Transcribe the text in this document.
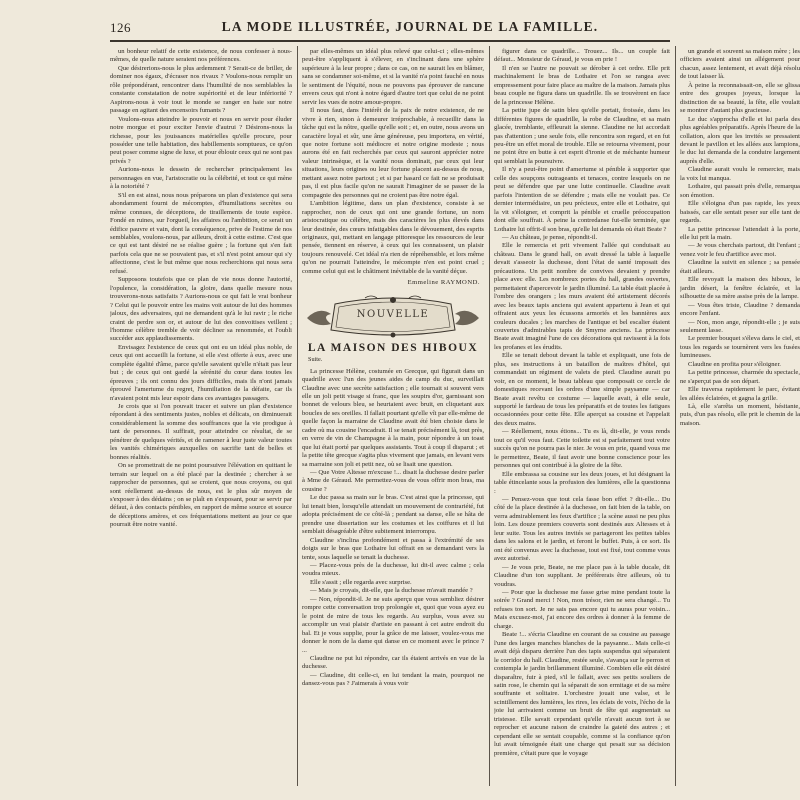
126	LA MODE ILLUSTRÉE, JOURNAL DE LA FAMILLE.

un bonheur relatif de cette existence, de nous confesser à nous-mêmes, de quelle nature seraient nos préférences.

Que désirerions-nous le plus ardemment ? Serait-ce de briller, de dominer nos égaux, d'écraser nos rivaux ? Voulons-nous remplir un rôle prépondérant, rencontrer dans l'humilité de nos semblables la constante constatation de notre supériorité et de leur infériorité ? Aspirons-nous à voir tout le monde se ranger en haie sur notre passage en agitant des encensoirs fumants ?

Voulons-nous atteindre le pouvoir et nous en servir pour éluder notre morgue et pour exciter l'envie d'autrui ? Désirons-nous la richesse, pour les jouissances matérielles qu'elle procure, pour posséder une telle habitation, des habillements somptueux, ce qu'on peut poser comme signe de luxe, et pour éblouir ceux qui ne sont pas privés ?

Aurions-nous le dessein de rechercher principalement les personnages en vue, l'aristocratie ou la célébrité, et tout ce qui mène à la notoriété ?

S'il en est ainsi, nous nous préparons un plan d'existence qui sera abondamment fourni de mécomptes, d'humiliations secrètes ou même connues, de déceptions, de tiraillements de toute espèce. Fondé en ruines, sur l'orgueil, les affaires ou l'ambition, ce serait un édifice pauvre et vain, dont la conséquence, prive de l'estime de nos semblables, voulons-nous, par ailleurs, droit à cette estime. C'est que ce qui est tant désiré ne se réalise guère ; la fortune qui s'en fait parfois cela que ne se pouvaient pas, et s'il n'est point amour qui s'y affectionne, c'est le but même que nous recherchions qui nous sera refusé.

Supposons toutefois que ce plan de vie nous donne l'autorité, l'opulence, la considération, la gloire, dans quelle mesure nous trouverons-nous satisfaits ? Aurions-nous ce qui fait le vrai bonheur ? Celui qui le pouvoir entre les mains voit autour de lui des hommes jaloux, des adversaires, qui ne demandent qu'à le lui ravir ; le riche craint de perdre son or, et autour de lui des convoitises veillent ; l'homme célèbre tremble de voir décliner sa renommée, et l'oubli succéder aux applaudissements.

Envisagez l'existence de ceux qui ont eu un idéal plus noble, de ceux qui ont accueilli la fortune, si elle s'est offerte à eux, avec une complète égalité d'âme, parce qu'elle savaient qu'elle n'était pas leur but ; de ceux qui ont gardé la sérénité du cœur dans toutes les épreuves ; ils ont connu des jours difficiles, mais ils n'ont jamais éprouvé l'amertume du regret, l'humiliation de la défaite, car ils n'avaient point mis leur espoir dans ces avantages passagers.

Je crois que si l'on pouvait tracer et suivre un plan d'existence répondant à des sentiments justes, nobles et délicats, on diminuerait considérablement la somme des souffrances que la vie prodigue à tant de personnes. Il suffirait, pour atteindre ce résultat, de se pénétrer de quelques vérités, et de ramener à leur juste valeur toutes les vanités chimériques auxquelles on sacrifie tant de belles et bonnes réalités.

On se promettrait de ne point poursuivre l'élévation en quittant le terrain sur lequel on a été placé par la destinée ; chercher à se rapprocher de personnes, qui se croient, que nous croyons, ou qui sont réellement au-dessus de nous, est le plus sûr moyen de s'exposer à des dédains ; on se plaît en s'exposant, pour se servir par défaut, à des contacts pénibles, en rapport de même source et source de déceptions amères, et ces fréquentations mettent au jour ce que pourrait être notre vanité.

par elles-mêmes un idéal plus relevé que celui-ci ; elles-mêmes peut-être s'appliquent à s'élever, en s'inclinant dans une sphère supérieure à la leur propre ; dans ce cas, on ne saurait les en blâmer, sans se condamner soi-même, et si la vanité n'a point fauché en nous le sentiment de l'équité, nous ne pouvons pas éprouver de rancune envers ceux qui n'ont à notre égard d'autre tort que celui de ne point servir les vues de notre amour-propre.

Il nous faut, dans l'intérêt de la paix de notre existence, de ne vivre à rien, sinon à demeurer irréprochable, à recueillir dans la tâche qui est la nôtre, quelle qu'elle soit ; et, en outre, nous avons un caractère loyal et sûr, une âme généreuse, peu importera, en vérité, que notre fortune soit médiocre et notre origine modeste ; nous aurons été en fait recherchés par ceux qui sauront apprécier notre valeur intrinsèque, et la vanité nous dominait, par ceux qui leur situations, leurs origines ou leur fortune placent au-dessus de nous, mettant assez notre partout ; et si par hasard ce fait ne se produisait pas, il est plus facile qu'on ne saurait l'imaginer de se passer de la compagnie des personnes qui ne croient pas être notre égal.

L'ambition légitime, dans un plan d'existence, consiste à se rapprocher, non de ceux qui ont une grande fortune, un nom aristocratique ou célèbre, mais des caractères les plus élevés dans leur destinée, des cœurs infatigables dans le dévouement, des esprits originaux, qui, mettant en langage pittoresque les ressources de leur pensée, tiennent en réserve, à ceux qui les connaissent, un plaisir toujours renouvelé. Cet idéal n'a rien de répréhensible, et lors même qu'on ne pourrait l'atteindre, le mécompte n'en est point cruel ; comme celui qui est le châtiment inévitable de la vanité déçue.

Emmeline RAYMOND.
NOUVELLE
LA MAISON DES HIBOUX
Suite.

La princesse Hélène, costumée en Grecque, qui figurait dans un quadrille avec l'un des jeunes aides de camp du duc, surveillait Claudine avec une secrète satisfaction ; elle tournait si souvent vers elle un joli petit visage si franc, que les soupirs d'or, garnissant son bonnet de velours bleu, se heurtaient avec bruit, en cliquetant aux boucles de ses oreilles. Il fallait pourtant qu'elle vît par elle-même de quelle façon la marraine de Claudine avait été bien choisie dans le cadre où ma cousine l'encadrait. Il se tenait précisément là, tout près, en verre de vin de Champagne à la main, pour répondre à un toast que lui était porté par quelques assistants. Tout à coup il disparut ; et la petite tête grecque s'agita plus vivement que jamais, en levant vers sa marraine son joli et petit nez, où se lisait une question.

— Que Votre Altesse m'excuse !... disait la duchesse desire parler à Mme de Géraud. Me permettez-vous de vous offrir mon bras, ma cousine ?

Le duc passa sa main sur le bras. C'est ainsi que la princesse, qui lui tenait bien, lorsqu'elle attendait un mouvement de contrariété, fut adopta précisément de ce côté-là ; pendant sa danse, elle se hâta de prendre une dissertation sur les costumes et les coiffures et il lui semblait désagréable d'être subitement interrompu.

Claudine s'inclina profondément et passa à l'extrémité de ses doigts sur le bras que Lothaire lui offrait en se demandant vers la tente, sous laquelle se tenait la duchesse.

— Placez-vous près de la duchesse, lui dit-il avec calme ; cela voudra mieux.

Elle s'assit ; elle regarda avec surprise.

— Mais je croyais, dit-elle, que la duchesse m'avait mandée ?

— Non, répondit-il. Je ne suis aperçu que vous sembliez désirer rompre cette conversation trop prolongée et, quoi que vous ayez eu le point de mire de tous les regards. Au surplus, vous avez su accomplir un vrai plaisir d'artiste en passant à cet autre endroit du bal. Et je vous supplie, pour la grâce de me laisser, voulez-vous me donner le nom de la dame qui danse en ce moment avec le prince ? ...

Claudine ne put lui répondre, car ils étaient arrivés en vue de la duchesse.

— Claudine, dit celle-ci, en lui tendant la main, pourquoi ne dansez-vous pas ? J'aimerais à vous voir

figurer dans ce quadrille... Trouez... Ils... un couple fait défaut... Monsieur de Géraud, je vous en prie !

Il n'en se l'autre ne pouvait se dérober à cet ordre. Elle prit machinalement le bras de Lothaire et l'on se rangea avec empressement pour faire place au maître de la maison. Jamais plus beau couple ne figura dans un quadrille. Ils se trouvèrent en face de la princesse Hélène.

La petite jupe de satin bleu qu'elle portait, froissée, dans les différentes figures de quadrille, la robe de Claudine, et sa main glacée, tremblante, effleurait la sienne. Claudine ne lui accordait pas d'attention ; une seule fois, elle rencontra son regard, et en fut peu-être un effet moral de trouble. Elle se retourna vivement, pour ne point être en butte à cet esprit d'ironie et de méchante humeur qui semblait la poursuivre.

Il n'y a peut-être point d'amertume si pénible à supporter que celle des soupçons outrageants et tenaces, contre lesquels on ne peut se défendre que par une lutte continuelle. Claudine avait parfois l'intention de se défendre ; mais elle ne voulait pas. Ce dernier intermédiaire, un peu précieux, entre elle et Lothaire, qui la vit s'éloigner, et comprit la pénible et cruelle préoccupation dont elle souffrait. À peine la contredanse fut-elle terminée, que Lothaire lui offrit-il son bras, qu'elle lui demanda où était Beate ?

— Au château, je pense, répondit-il.

Elle le remercia et prit vivement l'allée qui conduisait au château. Dans le grand hall, on avait dressé la table à laquelle devait s'asseoir la duchesse, dont l'état de santé imposait des précautions. Un petit nombre de convives devaient y prendre place avec elle. Les nombreux portes du hall, grandes ouvertes, permettaient d'apercevoir le jardin illuminé. La table était placée à l'ombre des orangers ; les murs avaient été artistement décorés avec les beaux tapis anciens qui avaient appartenu à Jean et qui offraient aux yeux les écussons armoriés et les bannières aux couleurs ducales ; les marches de l'antique et bel escalier étaient couvertes d'admirables tapis de Smyrne anciens. La princesse Beate avait imaginé l'une de ces décorations qui ravissent à la fois les profanes et les érudits.

Elle se tenait debout devant la table et expliquait, une fois de plus, ses instructions à un bataillon de maîtres d'hôtel, qui commandait un régiment de valets de pied. Claudine aurait pu voir, en ce moment, le beau tableau que composait ce cercle de domestiques recevant les ordres d'une simple paysanne — car Beate avait revêtu ce costume — laquelle avait, à elle seule, supporté le fardeau de tous les préparatifs et de toutes les fatigues occasionnées pour cette fête. Elle aperçut sa cousine et l'appelait des deux mains.

— Réellement, nous étions... Tu es là, dit-elle, je vous rends tout ce qu'il vous faut. Cette toilette est si parfaitement tout votre succès qu'on ne pourra pas le nier. Je vous en prie, quand vous me le permettrez, Beate, il faut avoir une bonne conscience pour les personnes qui ont contribué à la gloire de la fête.

Elle embrassa sa cousine sur les deux joues, et lui désignant la table étincelante sous la profusion des lumières, elle la questionna :

— Pensez-vous que tout cela fasse bon effet ? dit-elle... Du côté de la place destinée à la duchesse, on fait bien de la table, on verra admirablement les feux d'artifice ; la scène aussi ne peu plus loin. Les douze premiers couverts sont destinés aux Altesses et à leur suite. Tous les autres invités se partageront les petites tables dans les salons et le jardin, et feront le buffet. Puis, à ce sort. Ils ont été convenus avec la duchesse, tout est fixé, tout comme vous avez autorisé.

— Je vous prie, Beate, ne me place pas à la table ducale, dit Claudine d'un ton suppliant. Je préférerais être ailleurs, où tu voudras.

— Pour que la duchesse me fasse grise mine pendant toute la soirée ? Grand merci ! Non, mon trésor, rien ne sera changé... Tu refuses ton sort. Je ne sais pas encore qui tu auras pour voisin... Mais excusez-moi, j'ai encore des ordres à donner à la femme de charge.

Beate !... s'écria Claudine en courant de sa cousine au passage l'une des larges manches blanches de la paysanne... Mais celle-ci avait déjà disparu derrière l'un des tapis suspendus qui séparaient le corridor du hall. Claudine, restée seule, s'avança sur le perron et contempla le jardin brillamment illuminé. Combien elle eût désiré disparaître, fuir à pied, s'il le fallait, avec ses petits souliers de satin rose, le chemin qui la séparait de son ermitage et de sa mère souffrante et solitaire. L'orchestre jouait une valse, et le scintillement des lumières, les rires, les éclats de voix, l'écho de la joie lui arrivaient comme un bruit de fête qui augmentait sa tristesse. Elle savait cependant qu'elle n'avait aucun tort à se reprocher et aucune raison de craindre la gaieté des autres ; et cependant elle se sentait coupable, comme si la confiance qu'on lui avait témoignée était une charge qui pesait sur sa décision première, c'était pure que le voyage

un grande et souvent sa maison mère ; les officiers avaient ainsi un allégement pour chacun, assez lentement, et avait déjà résolu de tout laisser là.

À peine la reconnaissait-on, elle se glissa entre des groupes joyeux, lorsque la distinction de sa beauté, la fête, elle voulait se montrer d'autant plus gracieuse.

Le duc s'approcha d'elle et lui parla des plus agréables préparatifs. Après l'heure de la collation, alors que les invités se pressaient devant le pavillon et les allées aux lampions, le duc lui demanda de la conduire largement auprès d'elle.

Claudine aurait voulu le remercier, mais la voix lui manqua.

Lothaire, qui passait près d'elle, remarqua son émotion.

Elle s'éloigna d'un pas rapide, les yeux baissés, car elle sentait peser sur elle tant de regards.

La petite princesse l'attendait à la porte, elle lui prit la main.

— Je vous cherchais partout, dit l'enfant ; venez voir le feu d'artifice avec moi.

Claudine la suivit en silence ; sa pensée était ailleurs.

Elle revoyait la maison des hiboux, le jardin désert, la fenêtre éclairée, et la silhouette de sa mère assise près de la lampe.

— Vous êtes triste, Claudine ? demanda encore l'enfant.

— Non, mon ange, répondit-elle ; je suis seulement lasse.

Le premier bouquet s'éleva dans le ciel, et tous les regards se tournèrent vers les fusées lumineuses.

Claudine en profita pour s'éloigner.

La petite princesse, charmée du spectacle, ne s'aperçut pas de son départ.

Elle traversa rapidement le parc, évitant les allées éclairées, et gagna la grille.

Là, elle s'arrêta un moment, hésitante, puis, d'un pas résolu, elle prit le chemin de la maison.
